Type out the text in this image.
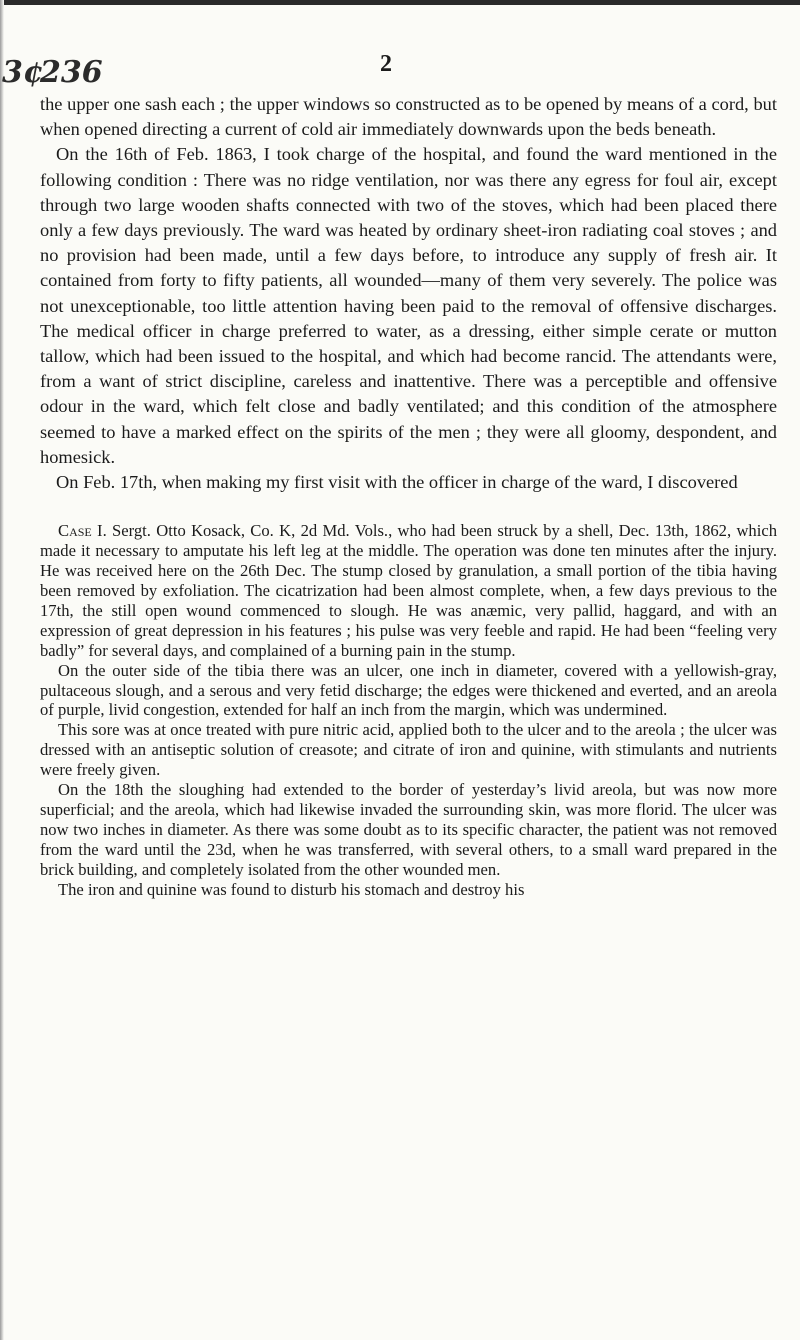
3¢
236	2

the upper one sash each ; the upper windows so constructed as to be opened by means of a cord, but when opened directing a current of cold air immediately downwards upon the beds beneath.

On the 16th of Feb. 1863, I took charge of the hospital, and found the ward mentioned in the following condition : There was no ridge ventilation, nor was there any egress for foul air, except through two large wooden shafts connected with two of the stoves, which had been placed there only a few days previously. The ward was heated by ordinary sheet-iron radiating coal stoves ; and no provision had been made, until a few days before, to introduce any supply of fresh air. It contained from forty to fifty patients, all wounded—many of them very severely. The police was not unexceptionable, too little attention having been paid to the removal of offensive discharges. The medical officer in charge preferred to water, as a dressing, either simple cerate or mutton tallow, which had been issued to the hospital, and which had become rancid. The attendants were, from a want of strict discipline, careless and inattentive. There was a perceptible and offensive odour in the ward, which felt close and badly ventilated; and this condition of the atmosphere seemed to have a marked effect on the spirits of the men ; they were all gloomy, despondent, and homesick.

On Feb. 17th, when making my first visit with the officer in charge of the ward, I discovered

Case I. Sergt. Otto Kosack, Co. K, 2d Md. Vols., who had been struck by a shell, Dec. 13th, 1862, which made it necessary to amputate his left leg at the middle. The operation was done ten minutes after the injury. He was received here on the 26th Dec. The stump closed by granulation, a small portion of the tibia having been removed by exfoliation. The cicatrization had been almost complete, when, a few days previous to the 17th, the still open wound commenced to slough. He was anæmic, very pallid, haggard, and with an expression of great depression in his features ; his pulse was very feeble and rapid. He had been “feeling very badly” for several days, and complained of a burning pain in the stump.

On the outer side of the tibia there was an ulcer, one inch in diameter, covered with a yellowish-gray, pultaceous slough, and a serous and very fetid discharge; the edges were thickened and everted, and an areola of purple, livid congestion, extended for half an inch from the margin, which was undermined.

This sore was at once treated with pure nitric acid, applied both to the ulcer and to the areola ; the ulcer was dressed with an antiseptic solution of creasote; and citrate of iron and quinine, with stimulants and nutrients were freely given.

On the 18th the sloughing had extended to the border of yesterday’s livid areola, but was now more superficial; and the areola, which had likewise invaded the surrounding skin, was more florid. The ulcer was now two inches in diameter. As there was some doubt as to its specific character, the patient was not removed from the ward until the 23d, when he was transferred, with several others, to a small ward prepared in the brick building, and completely isolated from the other wounded men.

The iron and quinine was found to disturb his stomach and destroy his
